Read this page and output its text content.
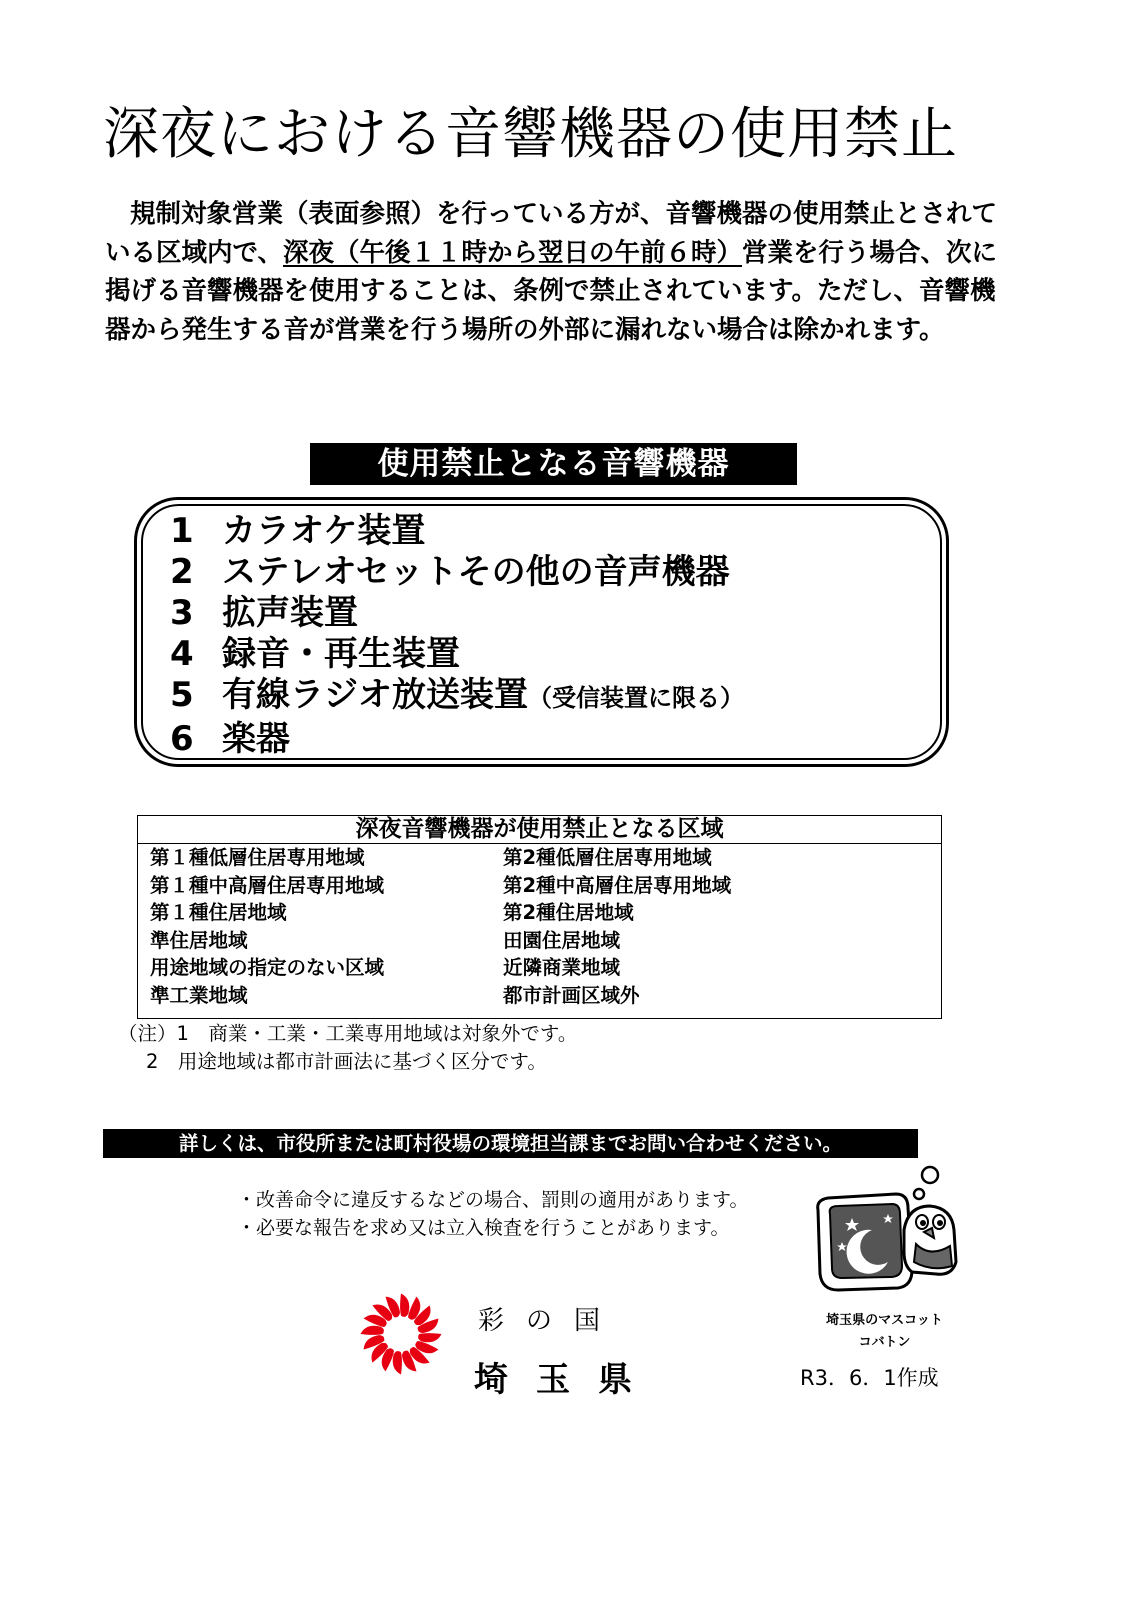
深夜における音響機器の使用禁止
規制対象営業（表面参照）を行っている方が、音響機器の使用禁止とされている区域内で、深夜（午後１１時から翌日の午前６時）営業を行う場合、次に掲げる音響機器を使用することは、条例で禁止されています。ただし、音響機器から発生する音が営業を行う場所の外部に漏れない場合は除かれます。
使用禁止となる音響機器
1 カラオケ装置
2 ステレオセットその他の音声機器
3 拡声装置
4 録音・再生装置
5 有線ラジオ放送装置（受信装置に限る）
6 楽器
深夜音響機器が使用禁止となる区域
第１種低層住居専用地域
第１種中高層住居専用地域
第１種住居地域
準住居地域
用途地域の指定のない区域
準工業地域
第2種低層住居専用地域
第2種中高層住居専用地域
第2種住居地域
田園住居地域
近隣商業地域
都市計画区域外
（注）1　商業・工業・工業専用地域は対象外です。
2　用途地域は都市計画法に基づく区分です。
詳しくは、市役所または町村役場の環境担当課までお問い合わせください。
・改善命令に違反するなどの場合、罰則の適用があります。
・必要な報告を求め又は立入検査を行うことがあります。
彩の国
埼玉県
埼玉県のマスコット
コバトン
R3．6．1作成
